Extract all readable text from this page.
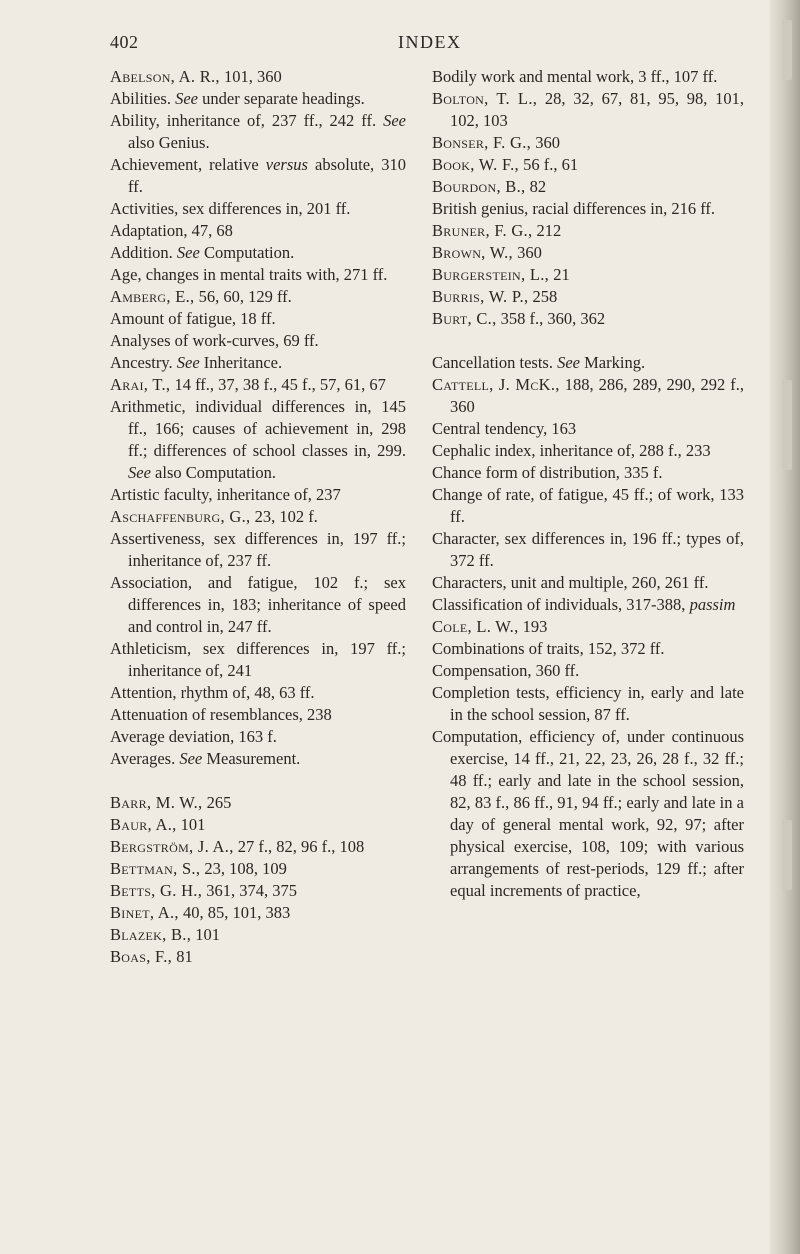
402	INDEX

Abelson, A. R., 101, 360

Abilities. See under separate headings.

Ability, inheritance of, 237 ff., 242 ff. See also Genius.

Achievement, relative versus absolute, 310 ff.

Activities, sex differences in, 201 ff.

Adaptation, 47, 68

Addition. See Computation.

Age, changes in mental traits with, 271 ff.

Amberg, E., 56, 60, 129 ff.

Amount of fatigue, 18 ff.

Analyses of work-curves, 69 ff.

Ancestry. See Inheritance.

Arai, T., 14 ff., 37, 38 f., 45 f., 57, 61, 67

Arithmetic, individual differences in, 145 ff., 166; causes of achievement in, 298 ff.; differences of school classes in, 299. See also Computation.

Artistic faculty, inheritance of, 237

Aschaffenburg, G., 23, 102 f.

Assertiveness, sex differences in, 197 ff.; inheritance of, 237 ff.

Association, and fatigue, 102 f.; sex differences in, 183; inheritance of speed and control in, 247 ff.

Athleticism, sex differences in, 197 ff.; inheritance of, 241

Attention, rhythm of, 48, 63 ff.

Attenuation of resemblances, 238

Average deviation, 163 f.

Averages. See Measurement.

Barr, M. W., 265

Baur, A., 101

Bergström, J. A., 27 f., 82, 96 f., 108

Bettman, S., 23, 108, 109

Betts, G. H., 361, 374, 375

Binet, A., 40, 85, 101, 383

Blazek, B., 101

Boas, F., 81

Bodily work and mental work, 3 ff., 107 ff.

Bolton, T. L., 28, 32, 67, 81, 95, 98, 101, 102, 103

Bonser, F. G., 360

Book, W. F., 56 f., 61

Bourdon, B., 82

British genius, racial differences in, 216 ff.

Bruner, F. G., 212

Brown, W., 360

Burgerstein, L., 21

Burris, W. P., 258

Burt, C., 358 f., 360, 362

Cancellation tests. See Marking.

Cattell, J. McK., 188, 286, 289, 290, 292 f., 360

Central tendency, 163

Cephalic index, inheritance of, 288 f., 233

Chance form of distribution, 335 f.

Change of rate, of fatigue, 45 ff.; of work, 133 ff.

Character, sex differences in, 196 ff.; types of, 372 ff.

Characters, unit and multiple, 260, 261 ff.

Classification of individuals, 317-388, passim

Cole, L. W., 193

Combinations of traits, 152, 372 ff.

Compensation, 360 ff.

Completion tests, efficiency in, early and late in the school session, 87 ff.

Computation, efficiency of, under continuous exercise, 14 ff., 21, 22, 23, 26, 28 f., 32 ff.; 48 ff.; early and late in the school session, 82, 83 f., 86 ff., 91, 94 ff.; early and late in a day of general mental work, 92, 97; after physical exercise, 108, 109; with various arrangements of rest-periods, 129 ff.; after equal increments of practice,
